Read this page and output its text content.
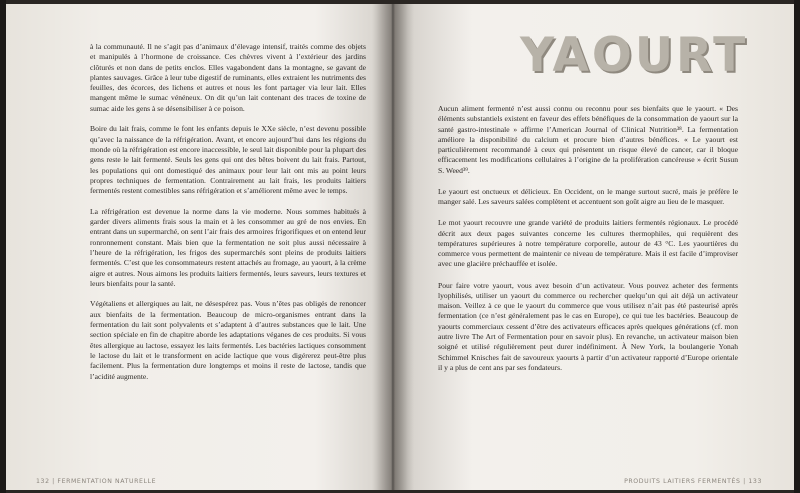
à la communauté. Il ne s’agit pas d’animaux d’élevage intensif, traités comme des objets et manipulés à l’hormone de croissance. Ces chèvres vivent à l’extérieur des jardins clôturés et non dans de petits enclos. Elles vagabondent dans la montagne, se gavant de plantes sauvages. Grâce à leur tube digestif de ruminants, elles extraient les nutriments des feuilles, des écorces, des lichens et autres et nous les font partager via leur lait. Elles mangent même le sumac vénéneux. On dit qu’un lait contenant des traces de toxine de sumac aide les gens à se désensibiliser à ce poison.

Boire du lait frais, comme le font les enfants depuis le XXe siècle, n’est devenu possible qu’avec la naissance de la réfrigération. Avant, et encore aujourd’hui dans les régions du monde où la réfrigération est encore inaccessible, le seul lait disponible pour la plupart des gens reste le lait fermenté. Seuls les gens qui ont des bêtes boivent du lait frais. Partout, les populations qui ont domestiqué des animaux pour leur lait ont mis au point leurs propres techniques de fermentation. Contrairement au lait frais, les produits laitiers fermentés restent comestibles sans réfrigération et s’améliorent même avec le temps.

La réfrigération est devenue la norme dans la vie moderne. Nous sommes habitués à garder divers aliments frais sous la main et à les consommer au gré de nos envies. En entrant dans un supermarché, on sent l’air frais des armoires frigorifiques et on entend leur ronronnement constant. Mais bien que la fermentation ne soit plus aussi nécessaire à l’heure de la réfrigération, les frigos des supermarchés sont pleins de produits laitiers fermentés. C’est que les consommateurs restent attachés au fromage, au yaourt, à la crème aigre et autres. Nous aimons les produits laitiers fermentés, leurs saveurs, leurs textures et leurs bienfaits pour la santé.

Végétaliens et allergiques au lait, ne désespérez pas. Vous n’êtes pas obligés de renoncer aux bienfaits de la fermentation. Beaucoup de micro-organismes entrant dans la fermentation du lait sont polyvalents et s’adaptent à d’autres substances que le lait. Une section spéciale en fin de chapitre aborde les adaptations véganes de ces produits. Si vous êtes allergique au lactose, essayez les laits fermentés. Les bactéries lactiques consomment le lactose du lait et le transforment en acide lactique que vous digérerez peut-être plus facilement. Plus la fermentation dure longtemps et moins il reste de lactose, tandis que l’acidité augmente.

132 | FERMENTATION NATURELLE
YAOURT

Aucun aliment fermenté n’est aussi connu ou reconnu pour ses bienfaits que le yaourt. « Des éléments substantiels existent en faveur des effets bénéfiques de la consommation de yaourt sur la santé gastro-intestinale » affirme l’American Journal of Clinical Nutrition³⁸. La fermentation améliore la disponibilité du calcium et procure bien d’autres bénéfices. « Le yaourt est particulièrement recommandé à ceux qui présentent un risque élevé de cancer, car il bloque efficacement les modifications cellulaires à l’origine de la prolifération cancéreuse » écrit Susun S. Weed³⁹.

Le yaourt est onctueux et délicieux. En Occident, on le mange surtout sucré, mais je préfère le manger salé. Les saveurs salées complètent et accentuent son goût aigre au lieu de le masquer.

Le mot yaourt recouvre une grande variété de produits laitiers fermentés régionaux. Le procédé décrit aux deux pages suivantes concerne les cultures thermophiles, qui requièrent des températures supérieures à notre température corporelle, autour de 43 °C. Les yaourtières du commerce vous permettent de maintenir ce niveau de température. Mais il est facile d’improviser avec une glacière préchauffée et isolée.

Pour faire votre yaourt, vous avez besoin d’un activateur. Vous pouvez acheter des ferments lyophilisés, utiliser un yaourt du commerce ou rechercher quelqu’un qui ait déjà un activateur maison. Veillez à ce que le yaourt du commerce que vous utilisez n’ait pas été pasteurisé après fermentation (ce n’est généralement pas le cas en Europe), ce qui tue les bactéries. Beaucoup de yaourts commerciaux cessent d’être des activateurs efficaces après quelques générations (cf. mon autre livre The Art of Fermentation pour en savoir plus). En revanche, un activateur maison bien soigné et utilisé régulièrement peut durer indéfiniment. À New York, la boulangerie Yonah Schimmel Knisches fait de savoureux yaourts à partir d’un activateur rapporté d’Europe orientale il y a plus de cent ans par ses fondateurs.

PRODUITS LAITIERS FERMENTÉS | 133
